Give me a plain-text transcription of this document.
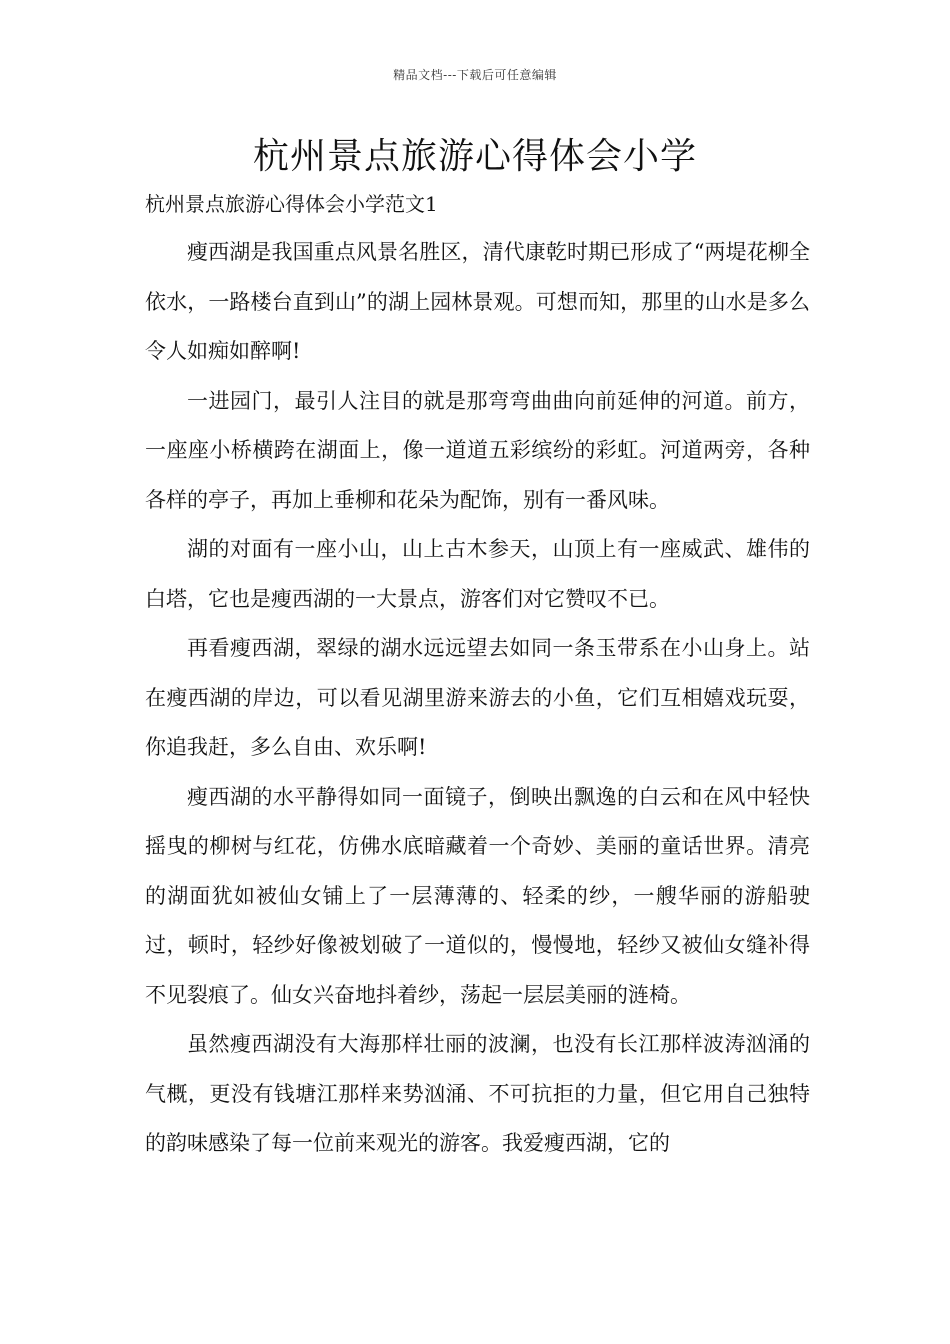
精品文档---下载后可任意编辑
杭州景点旅游心得体会小学

杭州景点旅游心得体会小学范文1

瘦西湖是我国重点风景名胜区，清代康乾时期已形成了“两堤花柳全依水，一路楼台直到山”的湖上园林景观。可想而知，那里的山水是多么令人如痴如醉啊!

一进园门，最引人注目的就是那弯弯曲曲向前延伸的河道。前方，一座座小桥横跨在湖面上，像一道道五彩缤纷的彩虹。河道两旁，各种各样的亭子，再加上垂柳和花朵为配饰，别有一番风味。

湖的对面有一座小山，山上古木参天，山顶上有一座威武、雄伟的白塔，它也是瘦西湖的一大景点，游客们对它赞叹不已。

再看瘦西湖，翠绿的湖水远远望去如同一条玉带系在小山身上。站在瘦西湖的岸边，可以看见湖里游来游去的小鱼，它们互相嬉戏玩耍，你追我赶，多么自由、欢乐啊!

瘦西湖的水平静得如同一面镜子，倒映出飘逸的白云和在风中轻快摇曳的柳树与红花，仿佛水底暗藏着一个奇妙、美丽的童话世界。清亮的湖面犹如被仙女铺上了一层薄薄的、轻柔的纱，一艘华丽的游船驶过，顿时，轻纱好像被划破了一道似的，慢慢地，轻纱又被仙女缝补得不见裂痕了。仙女兴奋地抖着纱，荡起一层层美丽的涟椅。

虽然瘦西湖没有大海那样壮丽的波澜，也没有长江那样波涛汹涌的气概，更没有钱塘江那样来势汹涌、不可抗拒的力量，但它用自己独特的韵味感染了每一位前来观光的游客。我爱瘦西湖，它的
